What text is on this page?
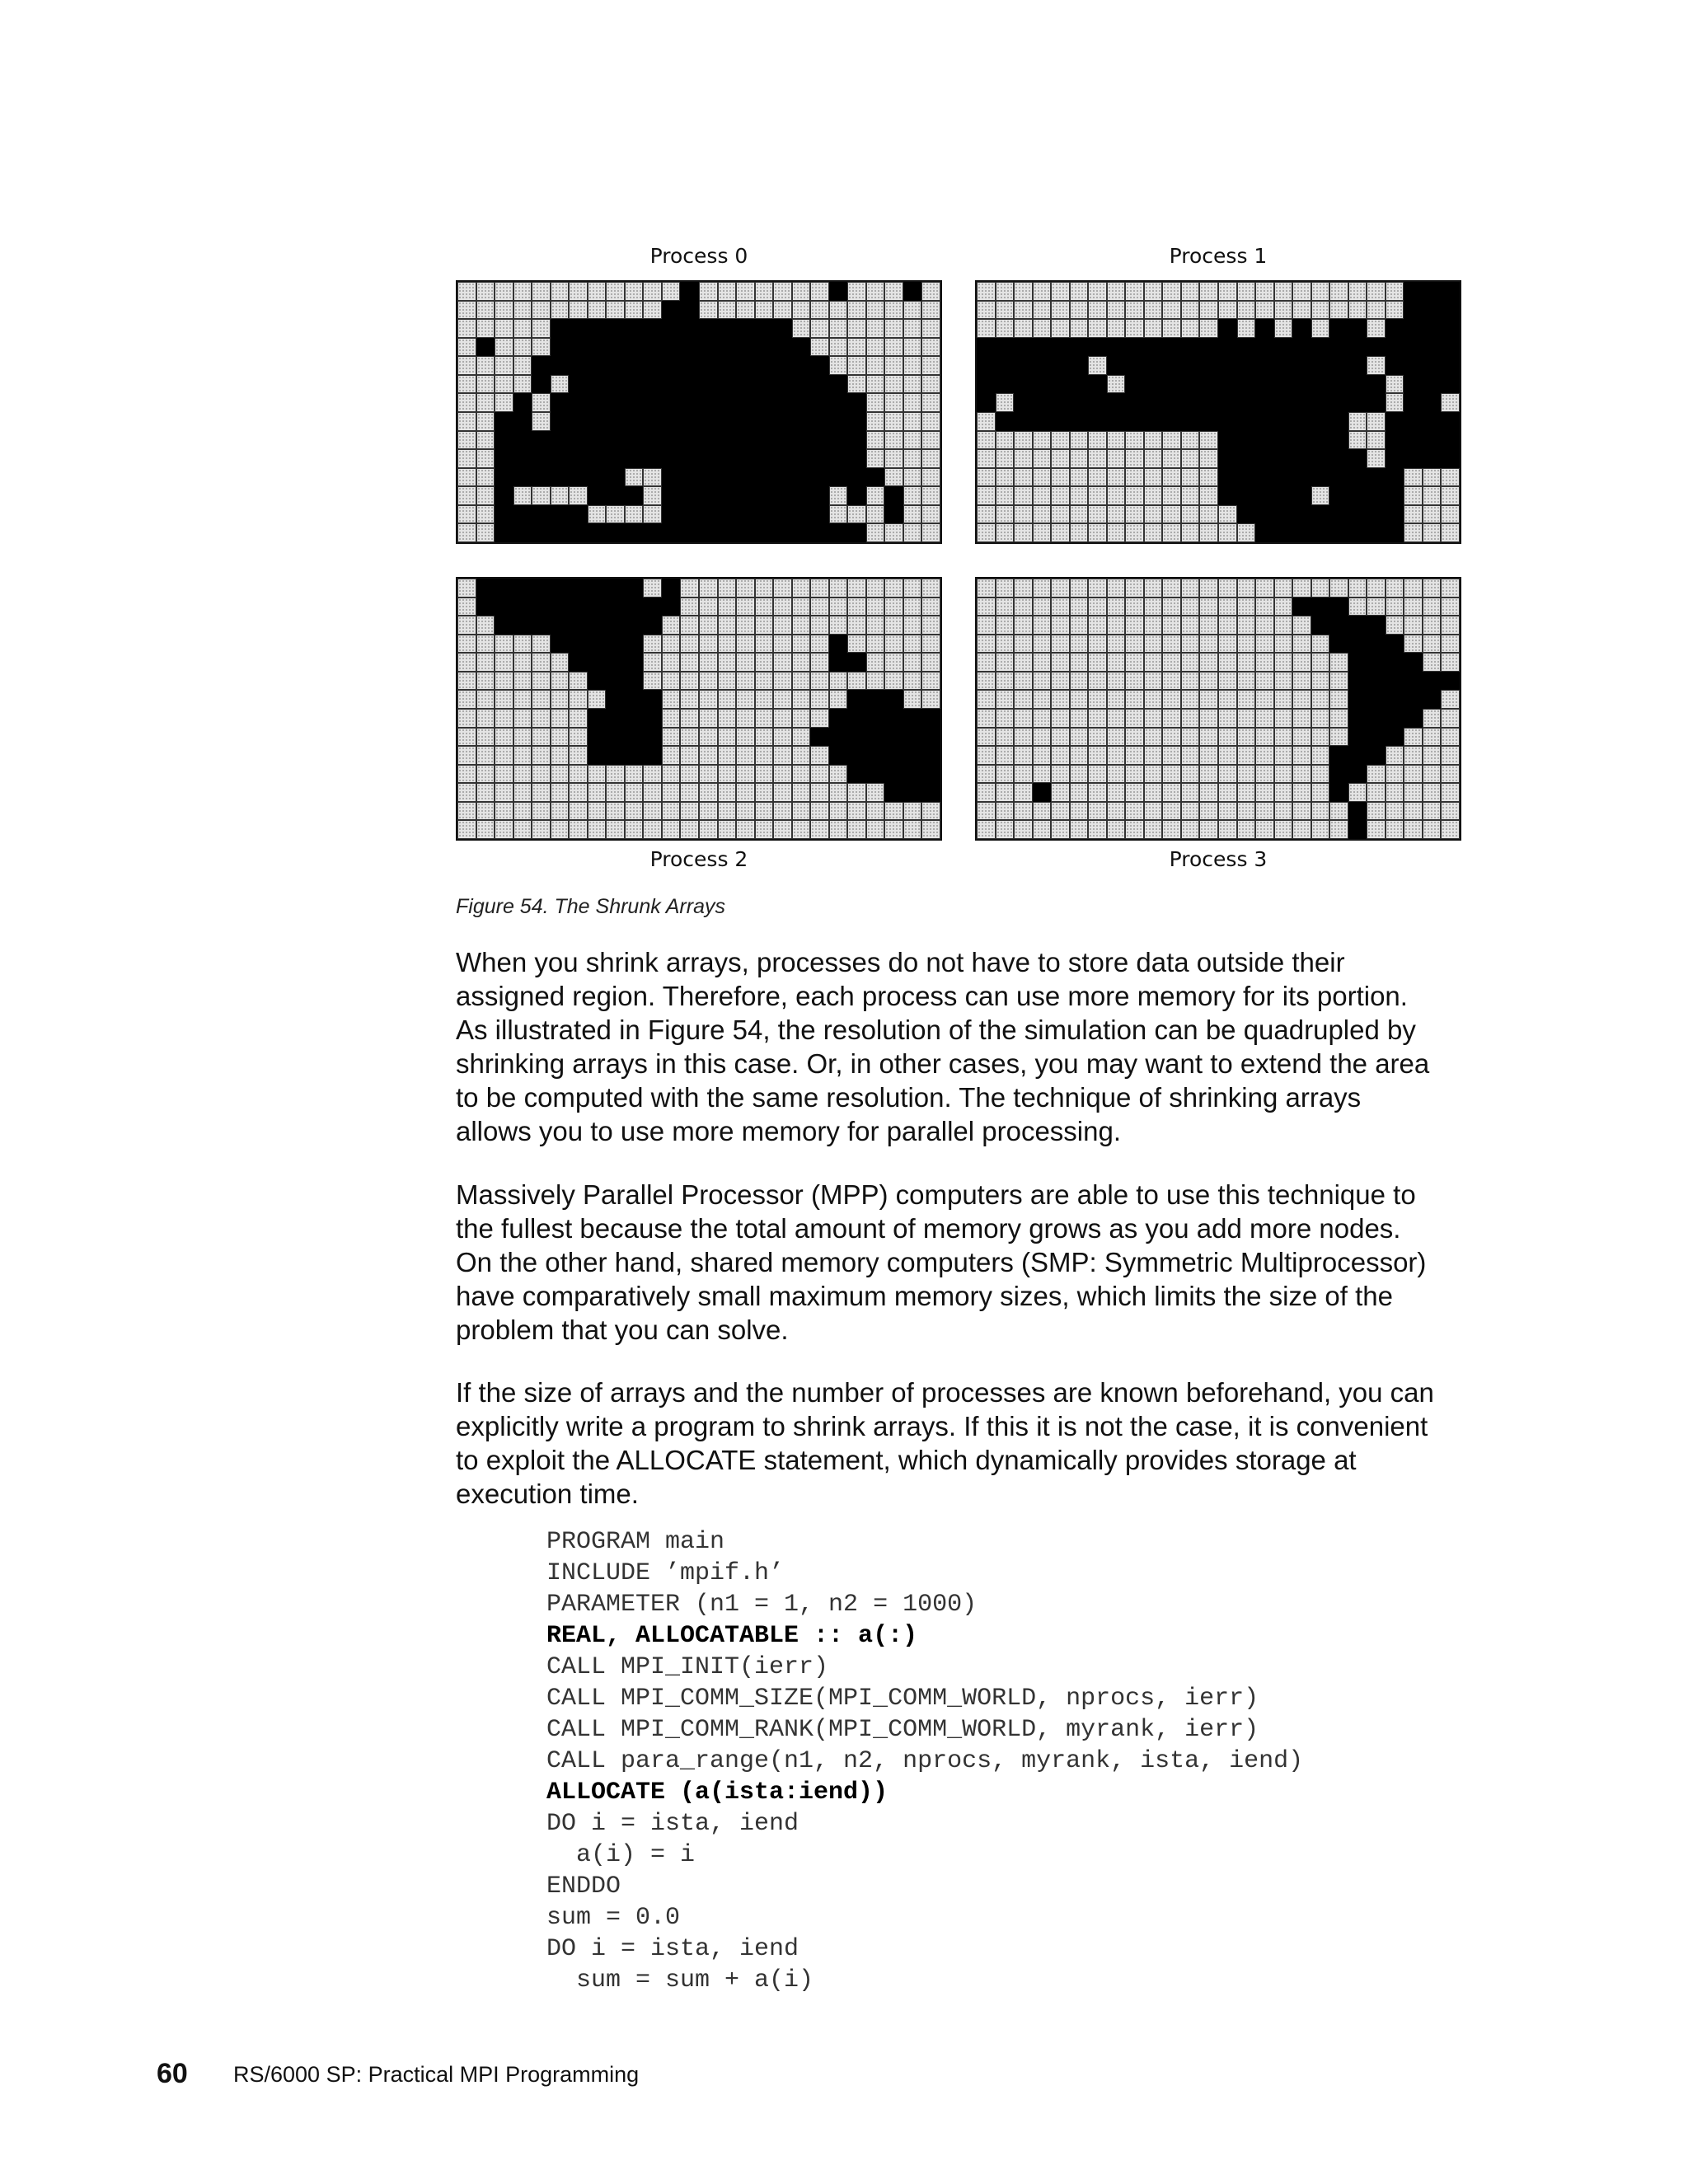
Process 0	Process 1
Process 2	Process 3
Figure 54. The Shrunk Arrays

When you shrink arrays, processes do not have to store data outside their
assigned region. Therefore, each process can use more memory for its portion.
As illustrated in Figure 54, the resolution of the simulation can be quadrupled by
shrinking arrays in this case. Or, in other cases, you may want to extend the area
to be computed with the same resolution. The technique of shrinking arrays
allows you to use more memory for parallel processing.

Massively Parallel Processor (MPP) computers are able to use this technique to
the fullest because the total amount of memory grows as you add more nodes.
On the other hand, shared memory computers (SMP: Symmetric Multiprocessor)
have comparatively small maximum memory sizes, which limits the size of the
problem that you can solve.

If the size of arrays and the number of processes are known beforehand, you can
explicitly write a program to shrink arrays. If this it is not the case, it is convenient
to exploit the ALLOCATE statement, which dynamically provides storage at
execution time.

PROGRAM main
INCLUDE ’mpif.h’
PARAMETER (n1 = 1, n2 = 1000)
REAL, ALLOCATABLE :: a(:)
CALL MPI_INIT(ierr)
CALL MPI_COMM_SIZE(MPI_COMM_WORLD, nprocs, ierr)
CALL MPI_COMM_RANK(MPI_COMM_WORLD, myrank, ierr)
CALL para_range(n1, n2, nprocs, myrank, ista, iend)
ALLOCATE (a(ista:iend))
DO i = ista, iend
a(i) = i
ENDDO
sum = 0.0
DO i = ista, iend
sum = sum + a(i)
60 RS/6000 SP: Practical MPI Programming
